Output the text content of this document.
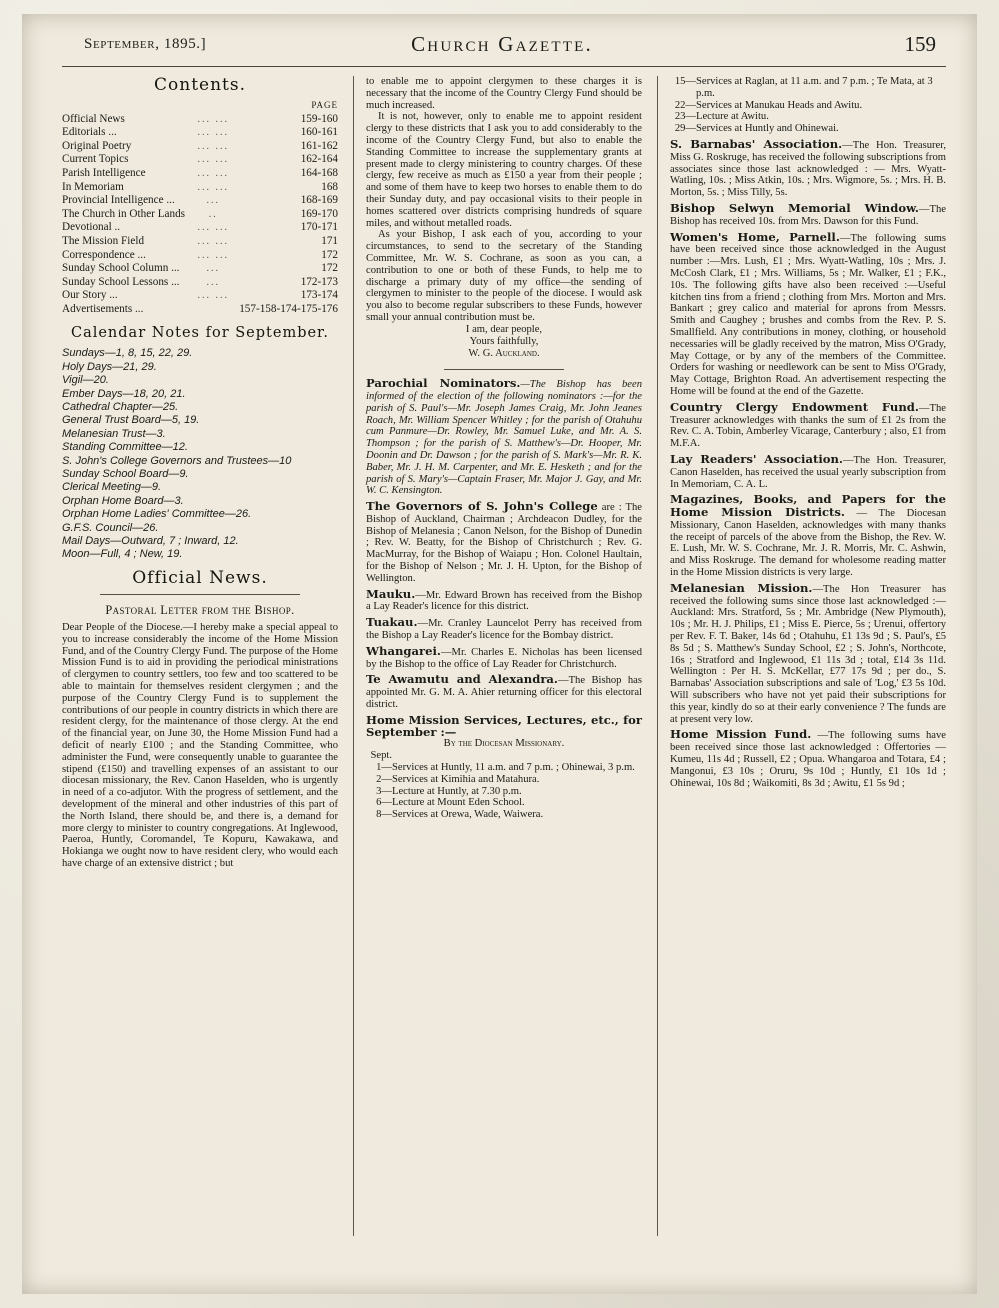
September, 1895.]	Church Gazette.	159
Contents.
PAGE
Official News	... ...	159-160
Editorials ...	... ...	160-161
Original Poetry	... ...	161-162
Current Topics	... ...	162-164
Parish Intelligence	... ...	164-168
In Memoriam	... ...	168
Provincial Intelligence ...	...	168-169
The Church in Other Lands	..	169-170
Devotional ..	... ...	170-171
The Mission Field	... ...	171
Correspondence ...	... ...	172
Sunday School Column ...	...	172
Sunday School Lessons ...	...	172-173
Our Story ...	... ...	173-174
Advertisements ...		157-158-174-175-176
Calendar Notes for September.
Sundays—1, 8, 15, 22, 29.
Holy Days—21, 29.
Vigil—20.
Ember Days—18, 20, 21.
Cathedral Chapter—25.
General Trust Board—5, 19.
Melanesian Trust—3.
Standing Committee—12.
S. John's College Governors and Trustees—10
Sunday School Board—9.
Clerical Meeting—9.
Orphan Home Board—3.
Orphan Home Ladies' Committee—26.
G.F.S. Council—26.
Mail Days—Outward, 7 ; Inward, 12.
Moon—Full, 4 ; New, 19.
Official News.
Pastoral Letter from the Bishop.

Dear People of the Diocese.—I hereby make a special appeal to you to increase considerably the income of the Home Mission Fund, and of the Country Clergy Fund. The purpose of the Home Mission Fund is to aid in providing the periodical ministrations of clergymen to country settlers, too few and too scattered to be able to maintain for themselves resident clergymen ; and the purpose of the Country Clergy Fund is to supplement the contributions of our people in country districts in which there are resident clergy, for the maintenance of those clergy. At the end of the financial year, on June 30, the Home Mission Fund had a deficit of nearly £100 ; and the Standing Committee, who administer the Fund, were consequently unable to guarantee the stipend (£150) and travelling expenses of an assistant to our diocesan missionary, the Rev. Canon Haselden, who is urgently in need of a co-adjutor. With the progress of settlement, and the development of the mineral and other industries of this part of the North Island, there should be, and there is, a demand for more clergy to minister to country congregations. At Inglewood, Paeroa, Huntly, Coromandel, Te Kopuru, Kawakawa, and Hokianga we ought now to have resident clery, who would each have charge of an extensive district ; but

to enable me to appoint clergymen to these charges it is necessary that the income of the Country Clergy Fund should be much increased.

It is not, however, only to enable me to appoint resident clergy to these districts that I ask you to add considerably to the income of the Country Clergy Fund, but also to enable the Standing Committee to increase the supplementary grants at present made to clergy ministering to country charges. Of these clergy, few receive as much as £150 a year from their people ; and some of them have to keep two horses to enable them to do their Sunday duty, and pay occasional visits to their people in homes scattered over districts comprising hundreds of square miles, and without metalled roads.

As your Bishop, I ask each of you, according to your circumstances, to send to the secretary of the Standing Committee, Mr. W. S. Cochrane, as soon as you can, a contribution to one or both of these Funds, to help me to discharge a primary duty of my office—the sending of clergymen to minister to the people of the diocese. I would ask you also to become regular subscribers to these Funds, however small your annual contribution must be.

I am, dear people,

Yours faithfully,

W. G. Auckland.

Parochial Nominators.—The Bishop has been informed of the election of the following nominators :—for the parish of S. Paul's—Mr. Joseph James Craig, Mr. John Jeanes Roach, Mr. William Spencer Whitley ; for the parish of Otahuhu cum Panmure—Dr. Rowley, Mr. Samuel Luke, and Mr. A. S. Thompson ; for the parish of S. Matthew's—Dr. Hooper, Mr. Doonin and Dr. Dawson ; for the parish of S. Mark's—Mr. R. K. Baber, Mr. J. H. M. Carpenter, and Mr. E. Hesketh ; and for the parish of S. Mary's—Captain Fraser, Mr. Major J. Gay, and Mr. W. C. Kensington.

The Governors of S. John's College are : The Bishop of Auckland, Chairman ; Archdeacon Dudley, for the Bishop of Melanesia ; Canon Nelson, for the Bishop of Dunedin ; Rev. W. Beatty, for the Bishop of Christchurch ; Rev. G. MacMurray, for the Bishop of Waiapu ; Hon. Colonel Haultain, for the Bishop of Nelson ; Mr. J. H. Upton, for the Bishop of Wellington.

Mauku.—Mr. Edward Brown has received from the Bishop a Lay Reader's licence for this district.

Tuakau.—Mr. Cranley Launcelot Perry has received from the Bishop a Lay Reader's licence for the Bombay district.

Whangarei.—Mr. Charles E. Nicholas has been licensed by the Bishop to the office of Lay Reader for Christchurch.

Te Awamutu and Alexandra.—The Bishop has appointed Mr. G. M. A. Ahier returning officer for this electoral district.

Home Mission Services, Lectures, etc., for September :—

By the Diocesan Missionary.

Sept. 1—Services at Huntly, 11 a.m. and 7 p.m. ; Ohinewai, 3 p.m.

2—Services at Kimihia and Matahura.

3—Lecture at Huntly, at 7.30 p.m.

6—Lecture at Mount Eden School.

8—Services at Orewa, Wade, Waiwera.

15—Services at Raglan, at 11 a.m. and 7 p.m. ; Te Mata, at 3 p.m.

22—Services at Manukau Heads and Awitu.

23—Lecture at Awitu.

29—Services at Huntly and Ohinewai.

S. Barnabas' Association.—The Hon. Treasurer, Miss G. Roskruge, has received the following subscriptions from associates since those last acknowledged : — Mrs. Wyatt-Watling, 10s. ; Miss Atkin, 10s. ; Mrs. Wigmore, 5s. ; Mrs. H. B. Morton, 5s. ; Miss Tilly, 5s.

Bishop Selwyn Memorial Window.—The Bishop has received 10s. from Mrs. Dawson for this Fund.

Women's Home, Parnell.—The following sums have been received since those acknowledged in the August number :—Mrs. Lush, £1 ; Mrs. Wyatt-Watling, 10s ; Mrs. J. McCosh Clark, £1 ; Mrs. Williams, 5s ; Mr. Walker, £1 ; F.K., 10s. The following gifts have also been received :—Useful kitchen tins from a friend ; clothing from Mrs. Morton and Mrs. Bankart ; grey calico and material for aprons from Messrs. Smith and Caughey ; brushes and combs from the Rev. P. S. Smallfield. Any contributions in money, clothing, or household necessaries will be gladly received by the matron, Miss O'Grady, May Cottage, or by any of the members of the Committee. Orders for washing or needlework can be sent to Miss O'Grady, May Cottage, Brighton Road. An advertisement respecting the Home will be found at the end of the Gazette.

Country Clergy Endowment Fund.—The Treasurer acknowledges with thanks the sum of £1 2s from the Rev. C. A. Tobin, Amberley Vicarage, Canterbury ; also, £1 from M.F.A.

Lay Readers' Association.—The Hon. Treasurer, Canon Haselden, has received the usual yearly subscription from In Memoriam, C. A. L.

Magazines, Books, and Papers for the Home Mission Districts. — The Diocesan Missionary, Canon Haselden, acknowledges with many thanks the receipt of parcels of the above from the Bishop, the Rev. W. E. Lush, Mr. W. S. Cochrane, Mr. J. R. Morris, Mr. C. Ashwin, and Miss Roskruge. The demand for wholesome reading matter in the Home Mission districts is very large.

Melanesian Mission.—The Hon Treasurer has received the following sums since those last acknowledged :—Auckland: Mrs. Stratford, 5s ; Mr. Ambridge (New Plymouth), 10s ; Mr. H. J. Philips, £1 ; Miss E. Pierce, 5s ; Urenui, offertory per Rev. F. T. Baker, 14s 6d ; Otahuhu, £1 13s 9d ; S. Paul's, £5 8s 5d ; S. Matthew's Sunday School, £2 ; S. John's, Northcote, 16s ; Stratford and Inglewood, £1 11s 3d ; total, £14 3s 11d. Wellington : Per H. S. McKellar, £77 17s 9d ; per do., S. Barnabas' Association subscriptions and sale of 'Log,' £3 5s 10d. Will subscribers who have not yet paid their subscriptions for this year, kindly do so at their early convenience ? The funds are at present very low.

Home Mission Fund. —The following sums have been received since those last acknowledged : Offertories — Kumeu, 11s 4d ; Russell, £2 ; Opua. Whangaroa and Totara, £4 ; Mangonui, £3 10s ; Oruru, 9s 10d ; Huntly, £1 10s 1d ; Ohinewai, 10s 8d ; Waikomiti, 8s 3d ; Awitu, £1 5s 9d ;
